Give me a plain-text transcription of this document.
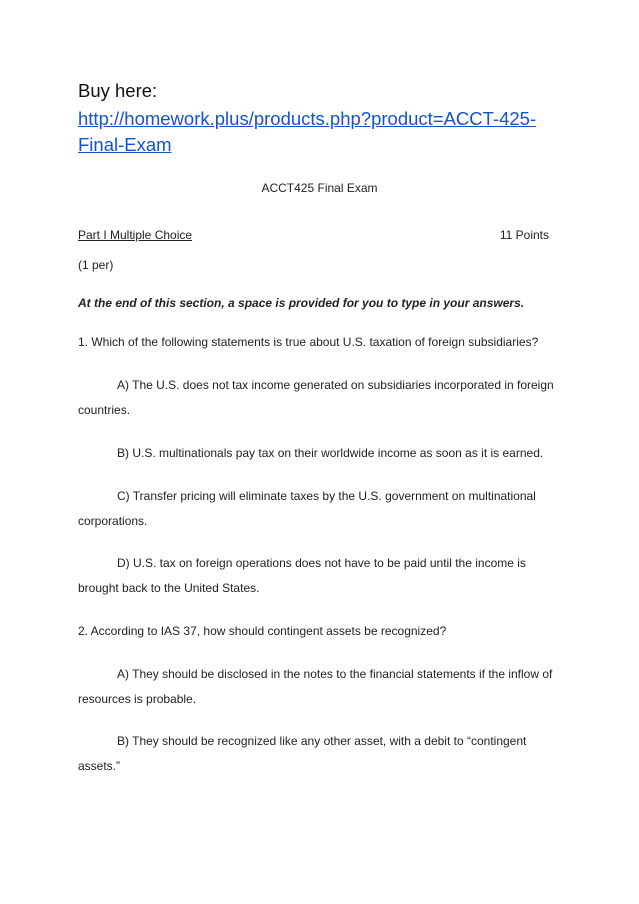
Buy here:
http://homework.plus/products.php?product=ACCT-425-
Final-Exam
ACCT425 Final Exam
Part I Multiple Choice	11 Points
(1 per)
At the end of this section, a space is provided for you to type in your answers.
1. Which of the following statements is true about U.S. taxation of foreign subsidiaries?
A) The U.S. does not tax income generated on subsidiaries incorporated in foreign
countries.
B) U.S. multinationals pay tax on their worldwide income as soon as it is earned.
C) Transfer pricing will eliminate taxes by the U.S. government on multinational
corporations.
D) U.S. tax on foreign operations does not have to be paid until the income is
brought back to the United States.
2. According to IAS 37, how should contingent assets be recognized?
A) They should be disclosed in the notes to the financial statements if the inflow of
resources is probable.
B) They should be recognized like any other asset, with a debit to “contingent
assets.”
